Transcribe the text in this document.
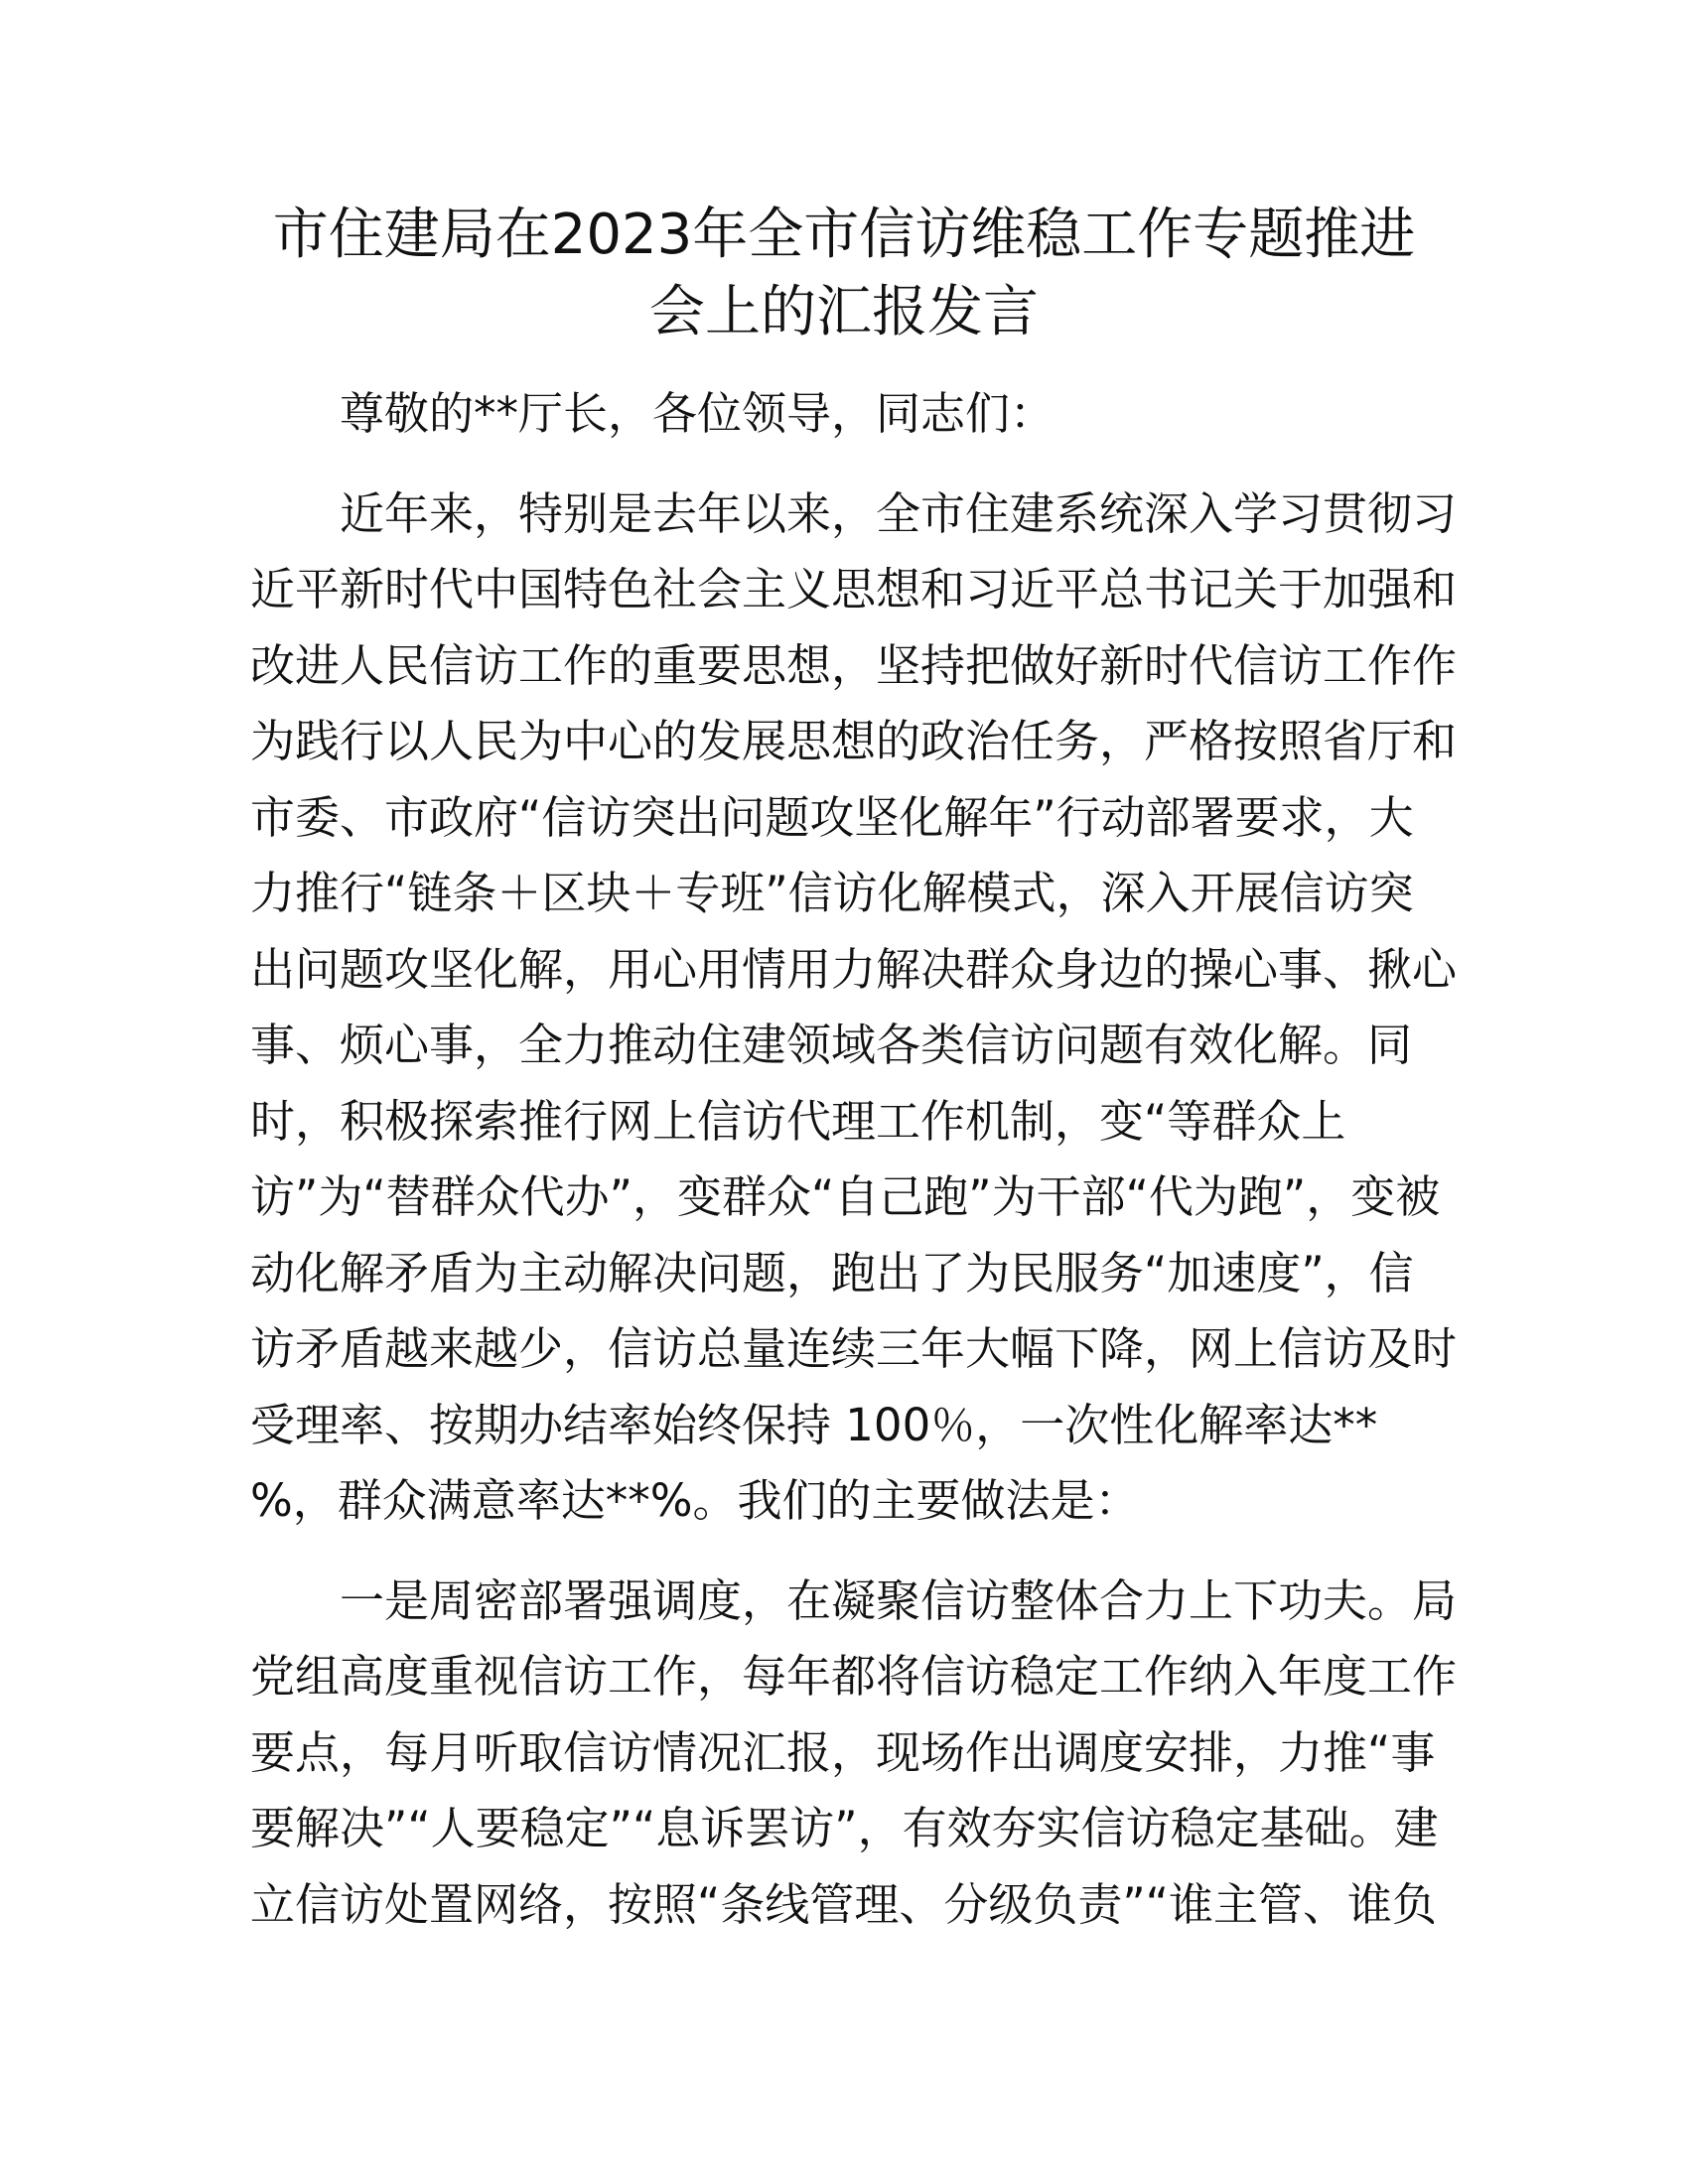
市住建局在2023年全市信访维稳工作专题推进
会上的汇报发言

尊敬的**厅长，各位领导，同志们：

近年来，特别是去年以来，全市住建系统深入学习贯彻习
近平新时代中国特色社会主义思想和习近平总书记关于加强和
改进人民信访工作的重要思想，坚持把做好新时代信访工作作
为践行以人民为中心的发展思想的政治任务，严格按照省厅和
市委、市政府“信访突出问题攻坚化解年”行动部署要求，大
力推行“链条＋区块＋专班”信访化解模式，深入开展信访突
出问题攻坚化解，用心用情用力解决群众身边的操心事、揪心
事、烦心事，全力推动住建领域各类信访问题有效化解。同
时，积极探索推行网上信访代理工作机制，变“等群众上
访”为“替群众代办”，变群众“自己跑”为干部“代为跑”，变被
动化解矛盾为主动解决问题，跑出了为民服务“加速度”，信
访矛盾越来越少，信访总量连续三年大幅下降，网上信访及时
受理率、按期办结率始终保持 100％，一次性化解率达**
%，群众满意率达**%。我们的主要做法是：

一是周密部署强调度，在凝聚信访整体合力上下功夫。局
党组高度重视信访工作，每年都将信访稳定工作纳入年度工作
要点，每月听取信访情况汇报，现场作出调度安排，力推“事
要解决”“人要稳定”“息诉罢访”，有效夯实信访稳定基础。建
立信访处置网络，按照“条线管理、分级负责”“谁主管、谁负
